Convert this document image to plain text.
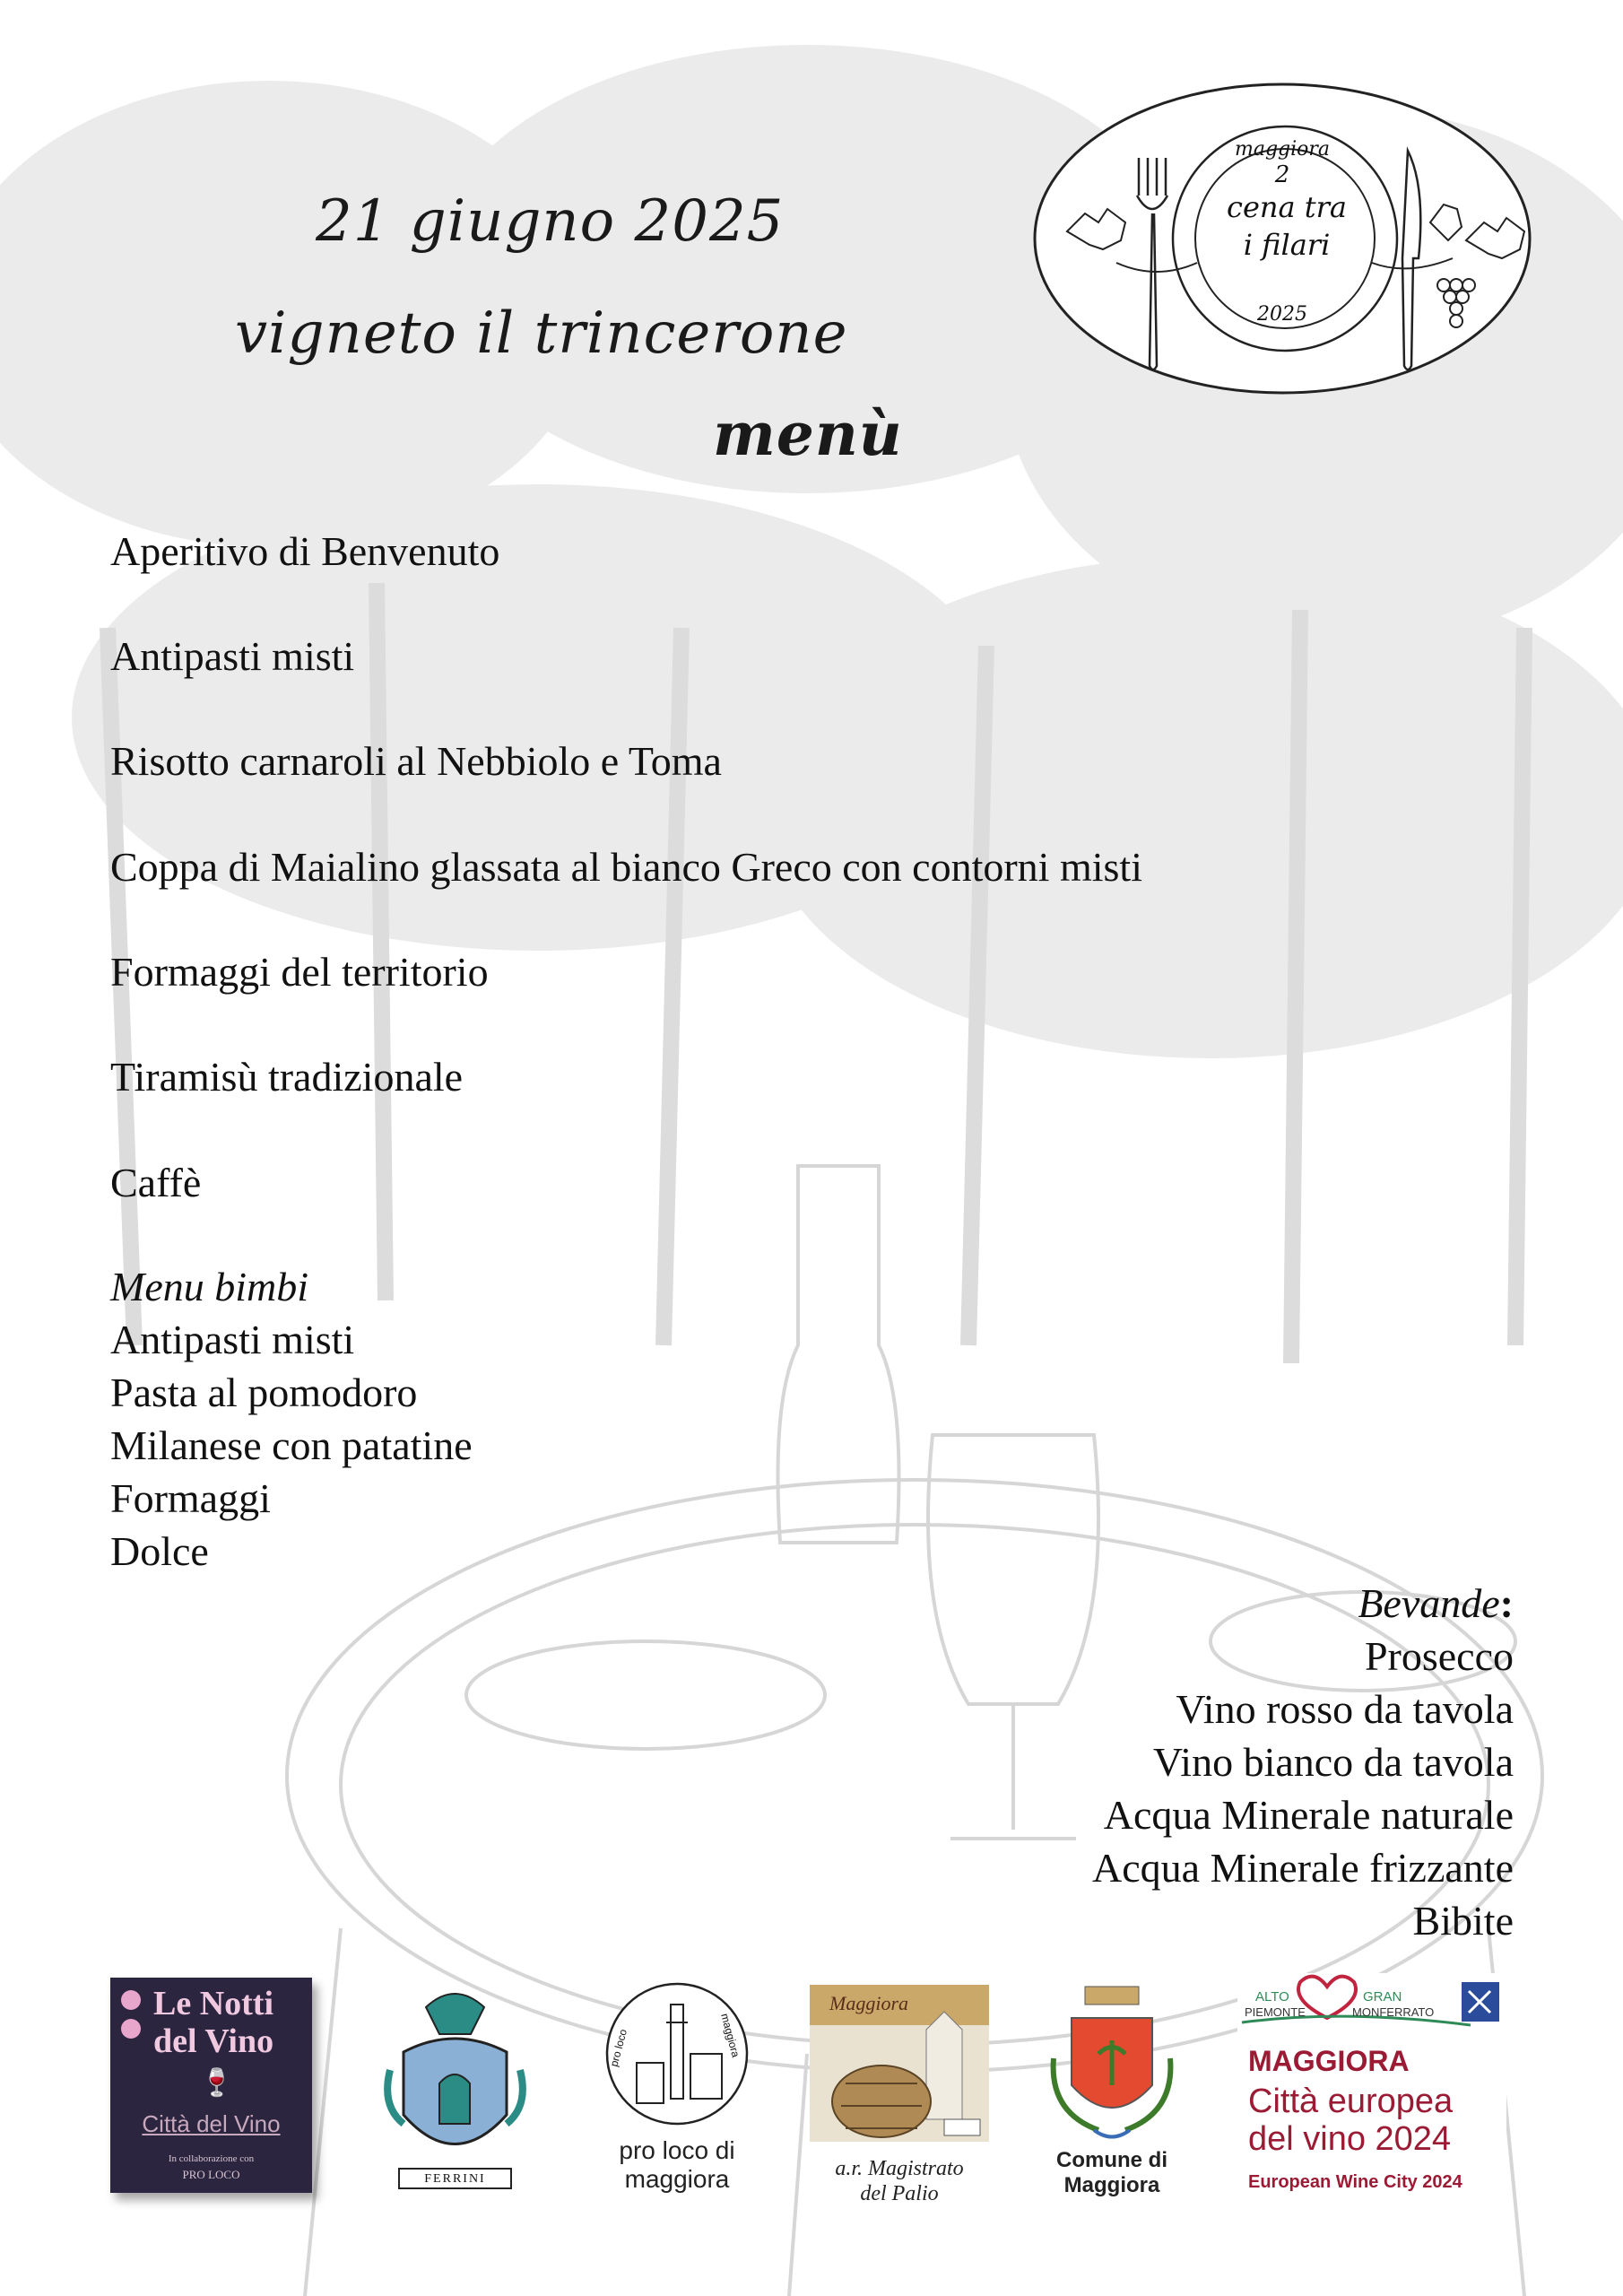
21 giugno 2025
vigneto il trincerone
menù
maggiora
2
cena tra
i filari
2025
Aperitivo di Benvenuto
Antipasti misti
Risotto carnaroli al Nebbiolo e Toma
Coppa di Maialino glassata al bianco Greco con contorni misti
Formaggi del territorio
Tiramisù tradizionale
Caffè
Menu bimbi
Antipasti misti
Pasta al pomodoro
Milanese con patatine
Formaggi
Dolce
Bevande:
Prosecco
Vino rosso da tavola
Vino bianco da tavola
Acqua Minerale naturale
Acqua Minerale frizzante
Bibite
Le Notti
del Vino
🍷
Città del Vino
In collaborazione con
PRO LOCO	FERRINI
pro loco	maggiora
pro loco di
maggiora
Maggiora
a.r. Magistrato
del Palio
Comune di
Maggiora
ALTO
PIEMONTE
GRAN
MONFERRATO
MAGGIORA
Città europea
del vino 2024
European Wine City 2024
